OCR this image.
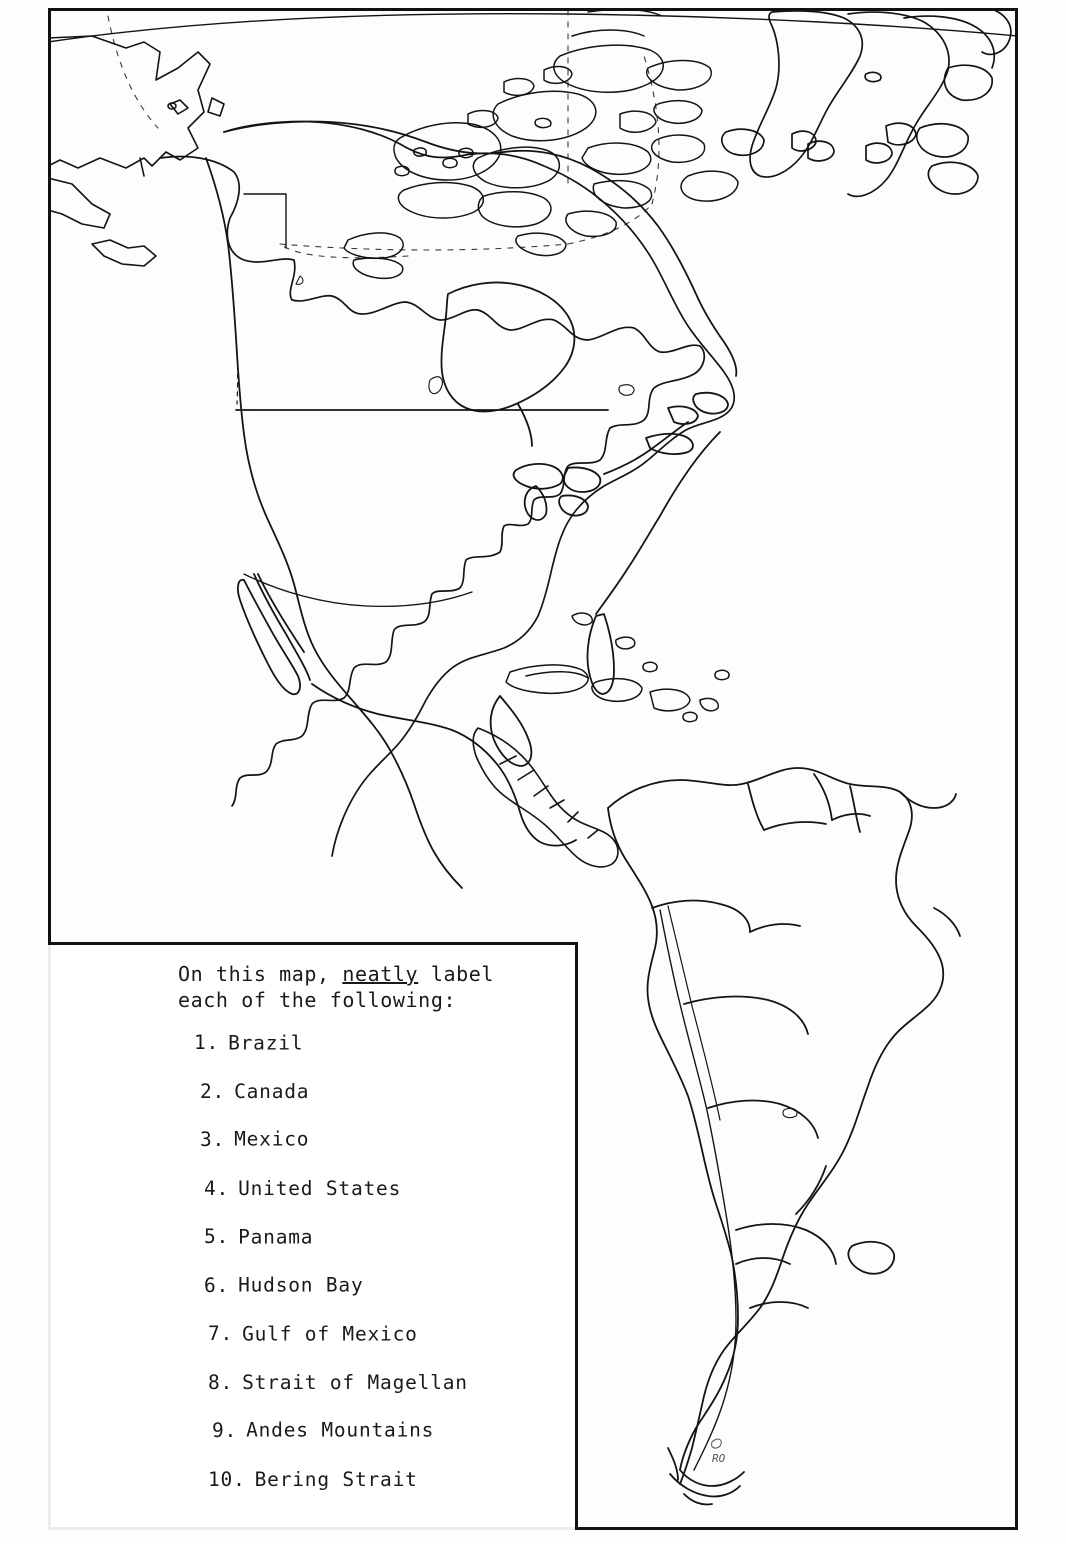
On this map, neatly label
each of the following:
1. Brazil
2. Canada
3. Mexico
4. United States
5. Panama
6. Hudson Bay
7. Gulf of Mexico
8. Strait of Magellan
9. Andes Mountains
10. Bering Strait
RO
